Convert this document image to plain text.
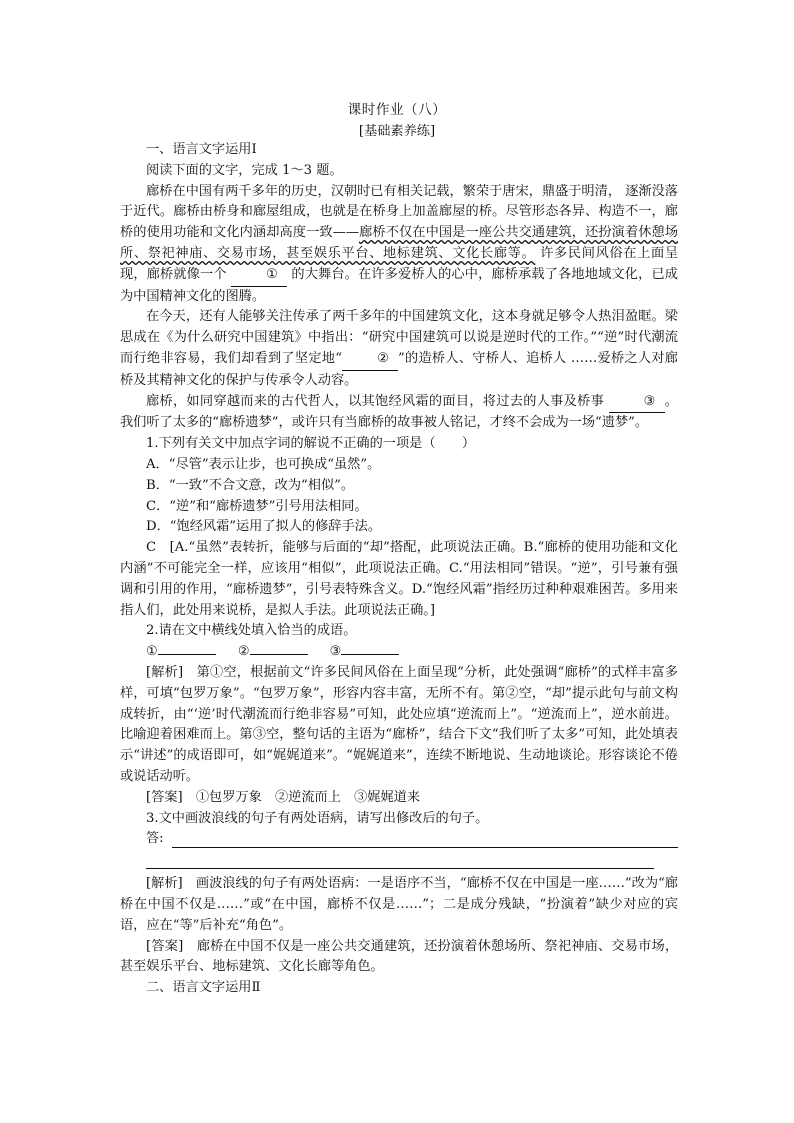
课时作业（八）
[基础素养练]

一、语言文字运用Ⅰ

阅读下面的文字，完成 1～3 题。

廊桥在中国有两千多年的历史，汉朝时已有相关记载，繁荣于唐宋，鼎盛于明清， 逐渐没落于近代。廊桥由桥身和廊屋组成，也就是在桥身上加盖廊屋的桥。尽管形态各异、构造不一，廊桥的使用功能和文化内涵却高度一致——廊桥不仅在中国是一座公共交通建筑，还扮演着休憩场所、祭祀神庙、交易市场，甚至娱乐平台、地标建筑、文化长廊等。 许多民间风俗在上面呈现，廊桥就像一个	① 的大舞台。在许多爱桥人的心中，廊桥承载了各地地域文化，已成为中国精神文化的图腾。

在今天，还有人能够关注传承了两千多年的中国建筑文化，这本身就足够令人热泪盈眶。梁思成在《为什么研究中国建筑》中指出：“研究中国建筑可以说是逆时代的工作。”“逆”时代潮流而行绝非容易，我们却看到了坚定地“	② ”的造桥人、守桥人、追桥人 ……爱桥之人对廊桥及其精神文化的保护与传承令人动容。

廊桥，如同穿越而来的古代哲人，以其饱经风霜的面目，将过去的人事及桥事	③ 。我们听了太多的“廊桥遗梦”，或许只有当廊桥的故事被人铭记，才终不会成为一场“遗梦”。

1.下列有关文中加点字词的解说不正确的一项是（　　）

A．“尽管”表示让步，也可换成“虽然”。

B．“一致”不合文意，改为“相似”。

C．“逆”和“廊桥遗梦”引号用法相同。

D．“饱经风霜”运用了拟人的修辞手法。

C　[A.“虽然”表转折，能够与后面的“却”搭配，此项说法正确。B.“廊桥的使用功能和文化内涵”不可能完全一样，应该用“相似”，此项说法正确。C.“用法相同”错误。“逆”，引号兼有强调和引用的作用，“廊桥遗梦”，引号表特殊含义。D.“饱经风霜”指经历过种种艰难困苦。多用来指人们，此处用来说桥，是拟人手法。此项说法正确。]

2.请在文中横线处填入恰当的成语。

①	②	③

[解析]　第①空，根据前文“许多民间风俗在上面呈现”分析，此处强调“廊桥”的式样丰富多样，可填“包罗万象”。“包罗万象”，形容内容丰富，无所不有。第②空，“却”提示此句与前文构成转折，由“‘逆’时代潮流而行绝非容易”可知，此处应填“逆流而上”。“逆流而上”，逆水前进。比喻迎着困难而上。第③空，整句话的主语为“廊桥”，结合下文“我们听了太多”可知，此处填表示“讲述”的成语即可，如“娓娓道来”。“娓娓道来”，连续不断地说、生动地谈论。形容谈论不倦或说话动听。

[答案]　①包罗万象　②逆流而上　③娓娓道来

3.文中画波浪线的句子有两处语病，请写出修改后的句子。

答:

[解析]　画波浪线的句子有两处语病：一是语序不当，“廊桥不仅在中国是一座……”改为“廊桥在中国不仅是……”或“在中国，廊桥不仅是……”；二是成分残缺，“扮演着”缺少对应的宾语，应在“等”后补充“角色”。

[答案]　廊桥在中国不仅是一座公共交通建筑，还扮演着休憩场所、祭祀神庙、交易市场，甚至娱乐平台、地标建筑、文化长廊等角色。

二、语言文字运用Ⅱ
